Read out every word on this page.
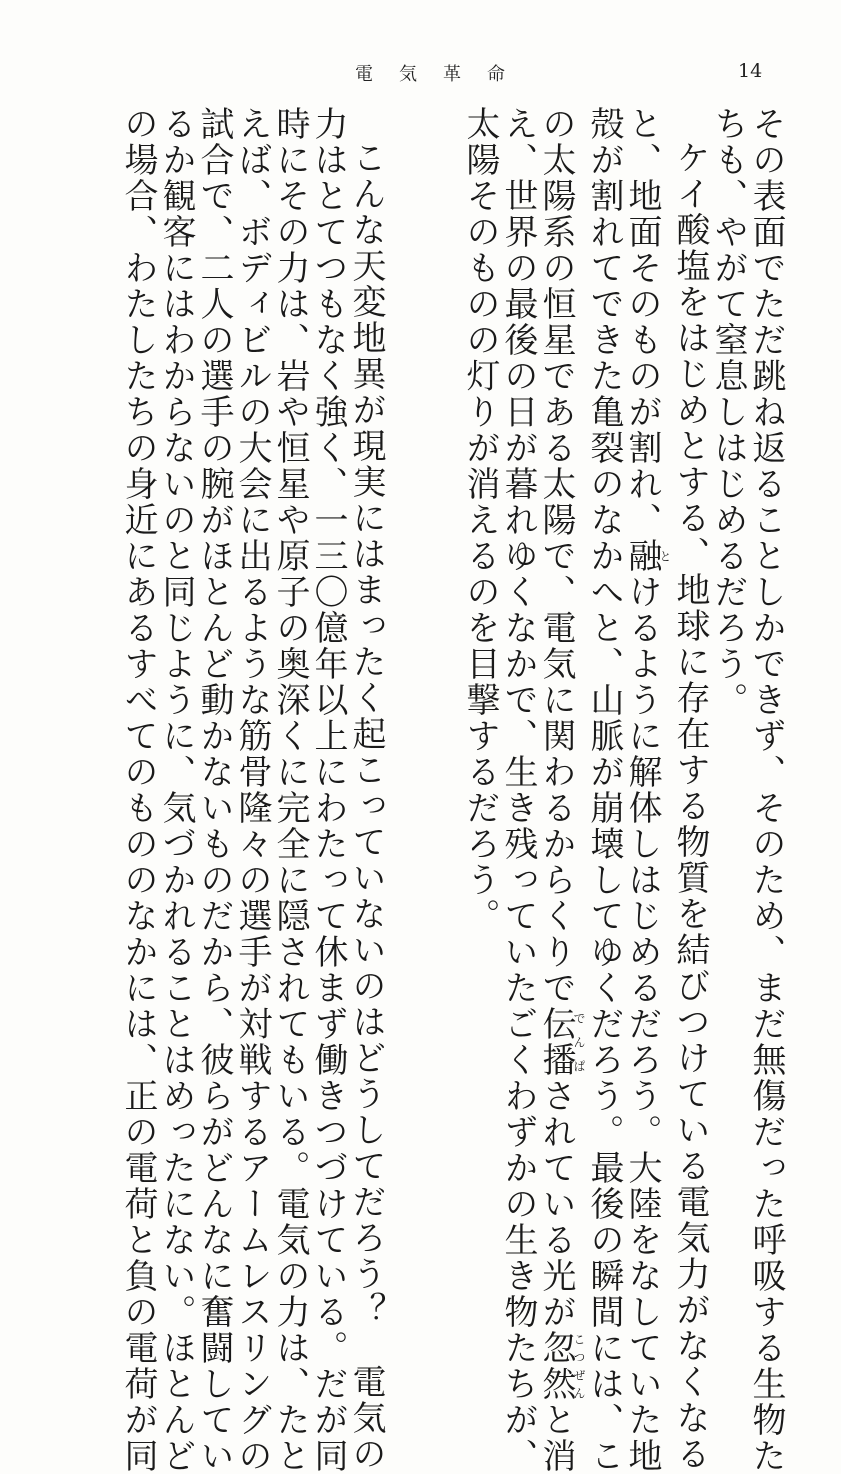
電気革命	14
その表面でただ跳ね返ることしかできず、そのため、まだ無傷だった呼吸する生物た
ちも、やがて窒息しはじめるだろう。
ケイ酸塩をはじめとする、地球に存在する物質を結びつけている電気力がなくなる
と、地面そのものが割れ、融とけるように解体しはじめるだろう。大陸をなしていた地
殻が割れてできた亀裂のなかへと、山脈が崩壊してゆくだろう。最後の瞬間には、こ
の太陽系の恒星である太陽で、電気に関わるからくりで伝播でんぱされている光が忽然こつぜんと消
え、世界の最後の日が暮れゆくなかで、生き残っていたごくわずかの生き物たちが、
太陽そのものの灯りが消えるのを目撃するだろう。
こんな天変地異が現実にはまったく起こっていないのはどうしてだろう？　電気の
力はとてつもなく強く、一三〇億年以上にわたって休まず働きつづけている。だが同
時にその力は、岩や恒星や原子の奥深くに完全に隠されてもいる。電気の力は、たと
えば、ボディビルの大会に出るような筋骨隆々の選手が対戦するアームレスリングの
試合で、二人の選手の腕がほとんど動かないものだから、彼らがどんなに奮闘してい
るか観客にはわからないのと同じように、気づかれることはめったにない。ほとんど
の場合、わたしたちの身近にあるすべてのもののなかには、正の電荷と負の電荷が同
